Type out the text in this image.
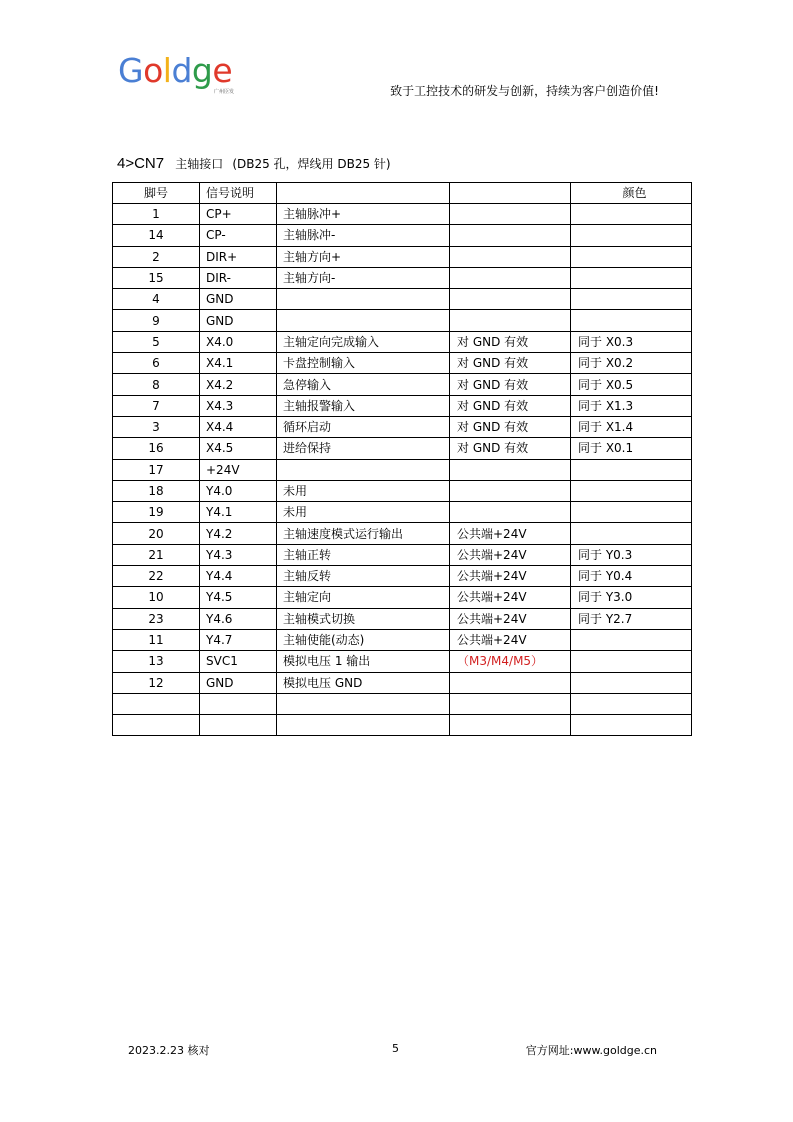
Goldge
广州臣发	致于工控技术的研发与创新，持续为客户创造价值!
4>CN7 主轴接口 (DB25 孔，焊线用 DB25 针)
脚号	信号说明			颜色
1	CP+	主轴脉冲+		
14	CP-	主轴脉冲-		
2	DIR+	主轴方向+		
15	DIR-	主轴方向-		
4	GND			
9	GND			
5	X4.0	主轴定向完成输入	对 GND 有效	同于 X0.3
6	X4.1	卡盘控制输入	对 GND 有效	同于 X0.2
8	X4.2	急停输入	对 GND 有效	同于 X0.5
7	X4.3	主轴报警输入	对 GND 有效	同于 X1.3
3	X4.4	循环启动	对 GND 有效	同于 X1.4
16	X4.5	进给保持	对 GND 有效	同于 X0.1
17	+24V			
18	Y4.0	未用		
19	Y4.1	未用		
20	Y4.2	主轴速度模式运行输出	公共端+24V	
21	Y4.3	主轴正转	公共端+24V	同于 Y0.3
22	Y4.4	主轴反转	公共端+24V	同于 Y0.4
10	Y4.5	主轴定向	公共端+24V	同于 Y3.0
23	Y4.6	主轴模式切换	公共端+24V	同于 Y2.7
11	Y4.7	主轴使能(动态)	公共端+24V	
13	SVC1	模拟电压 1 输出	（M3/M4/M5）	
12	GND	模拟电压 GND		

2023.2.23 核对	5	官方网址:www.goldge.cn
